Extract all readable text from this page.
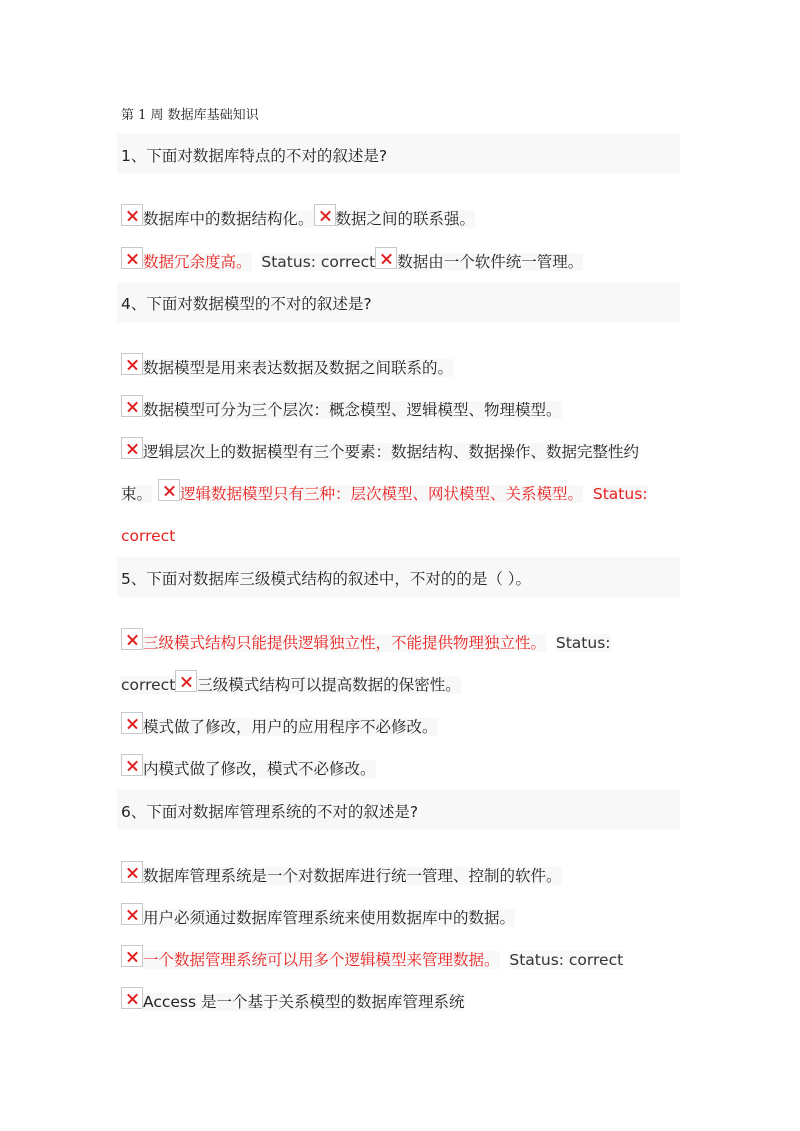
第 1 周 数据库基础知识
1、下面对数据库特点的不对的叙述是?
数据库中的数据结构化。 数据之间的联系强。
数据冗余度高。 Status: correct 数据由一个软件统一管理。
4、下面对数据模型的不对的叙述是?
数据模型是用来表达数据及数据之间联系的。
数据模型可分为三个层次：概念模型、逻辑模型、物理模型。
逻辑层次上的数据模型有三个要素：数据结构、数据操作、数据完整性约
束。 逻辑数据模型只有三种：层次模型、网状模型、关系模型。 Status:
correct
5、下面对数据库三级模式结构的叙述中，不对的的是（ ）。
三级模式结构只能提供逻辑独立性，不能提供物理独立性。 Status:
correct 三级模式结构可以提高数据的保密性。
模式做了修改，用户的应用程序不必修改。
内模式做了修改，模式不必修改。
6、下面对数据库管理系统的不对的叙述是?
数据库管理系统是一个对数据库进行统一管理、控制的软件。
用户必须通过数据库管理系统来使用数据库中的数据。
一个数据管理系统可以用多个逻辑模型来管理数据。 Status: correct
Access 是一个基于关系模型的数据库管理系统
